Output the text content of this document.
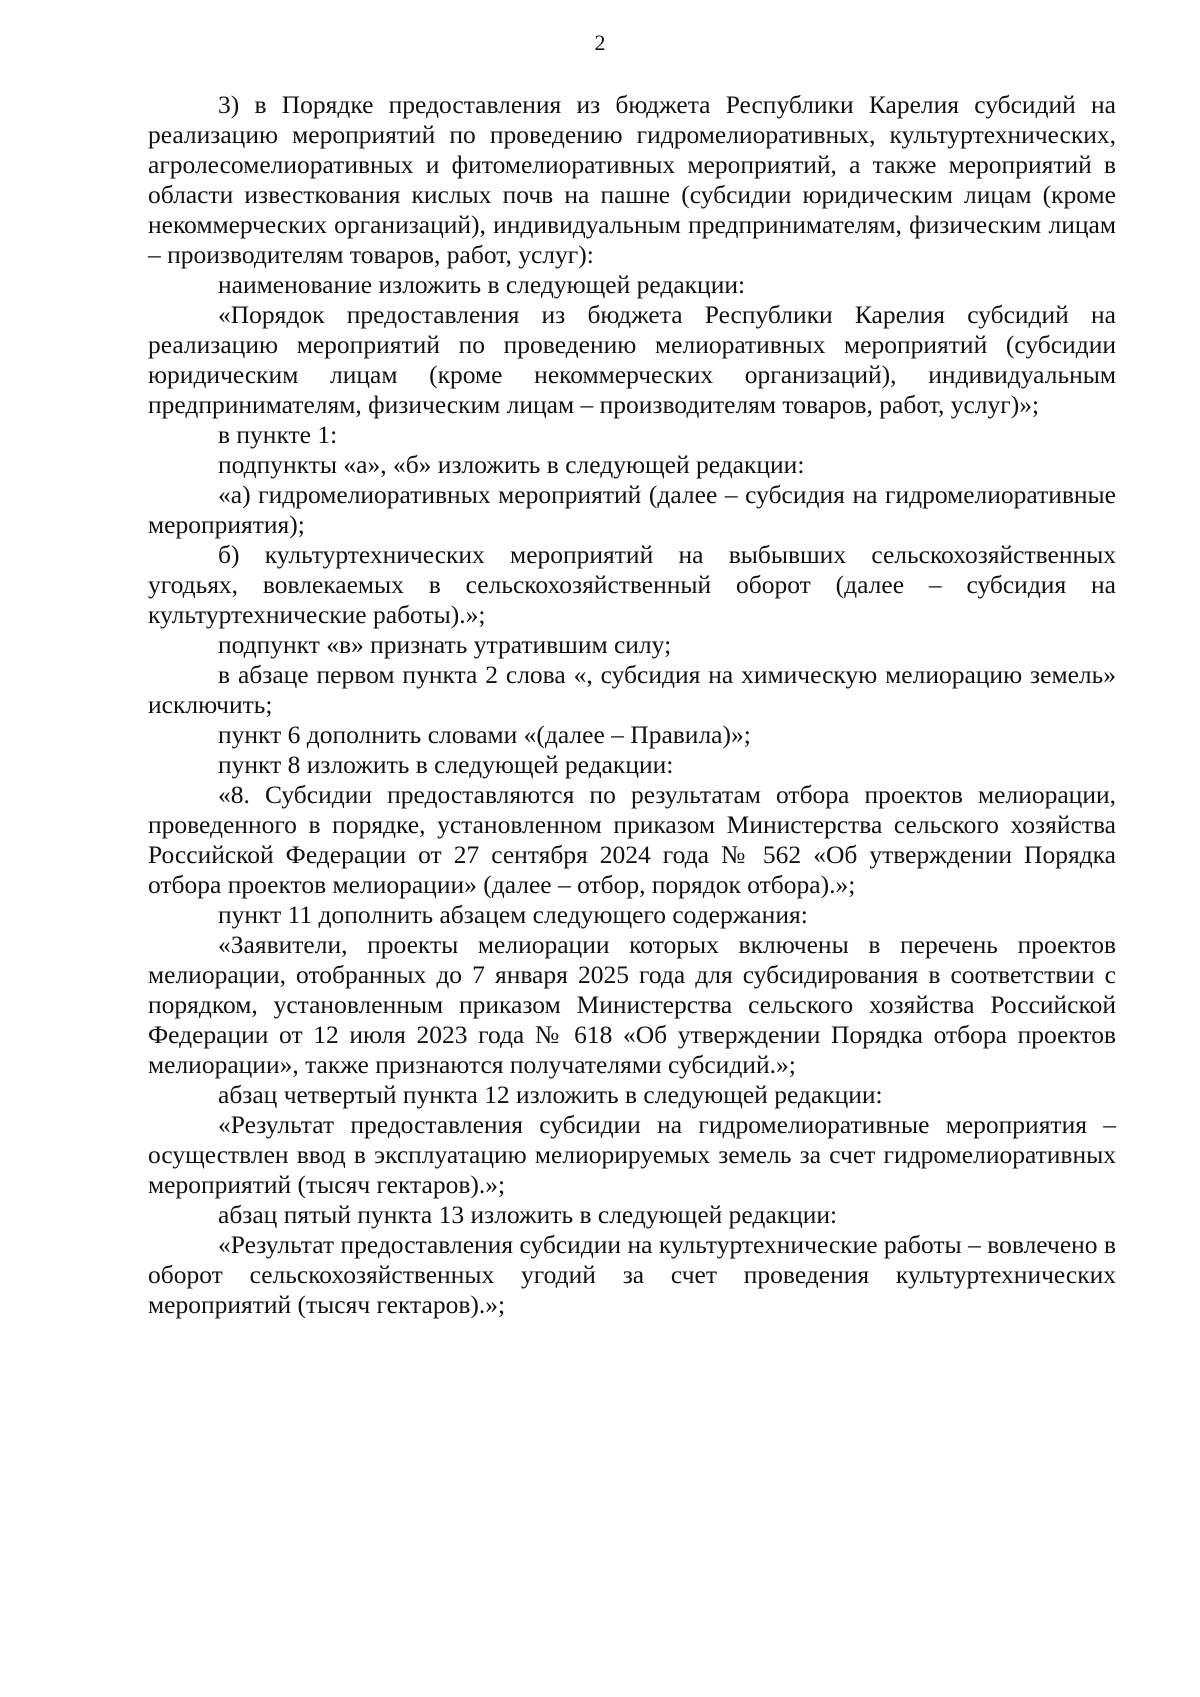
2

3) в Порядке предоставления из бюджета Республики Карелия субсидий на реализацию мероприятий по проведению гидромелиоративных, культуртехнических, агролесомелиоративных и фитомелиоративных мероприятий, а также мероприятий в области известкования кислых почв на пашне (субсидии юридическим лицам (кроме некоммерческих организаций), индивидуальным предпринимателям, физическим лицам – производителям товаров, работ, услуг):

наименование изложить в следующей редакции:

«Порядок предоставления из бюджета Республики Карелия субсидий на реализацию мероприятий по проведению мелиоративных мероприятий (субсидии юридическим лицам (кроме некоммерческих организаций), индивидуальным предпринимателям, физическим лицам – производителям товаров, работ, услуг)»;

в пункте 1:

подпункты «а», «б» изложить в следующей редакции:

«а) гидромелиоративных мероприятий (далее – субсидия на гидромелиоративные мероприятия);

б) культуртехнических мероприятий на выбывших сельскохозяйственных угодьях, вовлекаемых в сельскохозяйственный оборот (далее – субсидия на культуртехнические работы).»;

подпункт «в» признать утратившим силу;

в абзаце первом пункта 2 слова «, субсидия на химическую мелиорацию земель» исключить;

пункт 6 дополнить словами «(далее – Правила)»;

пункт 8 изложить в следующей редакции:

«8. Субсидии предоставляются по результатам отбора проектов мелиорации, проведенного в порядке, установленном приказом Министерства сельского хозяйства Российской Федерации от 27 сентября 2024 года № 562 «Об утверждении Порядка отбора проектов мелиорации» (далее – отбор, порядок отбора).»;

пункт 11 дополнить абзацем следующего содержания:

«Заявители, проекты мелиорации которых включены в перечень проектов мелиорации, отобранных до 7 января 2025 года для субсидирования в соответствии с порядком, установленным приказом Министерства сельского хозяйства Российской Федерации от 12 июля 2023 года № 618 «Об утверждении Порядка отбора проектов мелиорации», также признаются получателями субсидий.»;

абзац четвертый пункта 12 изложить в следующей редакции:

«Результат предоставления субсидии на гидромелиоративные мероприятия – осуществлен ввод в эксплуатацию мелиорируемых земель за счет гидромелиоративных мероприятий (тысяч гектаров).»;

абзац пятый пункта 13 изложить в следующей редакции:

«Результат предоставления субсидии на культуртехнические работы – вовлечено в оборот сельскохозяйственных угодий за счет проведения культуртехнических мероприятий (тысяч гектаров).»;
